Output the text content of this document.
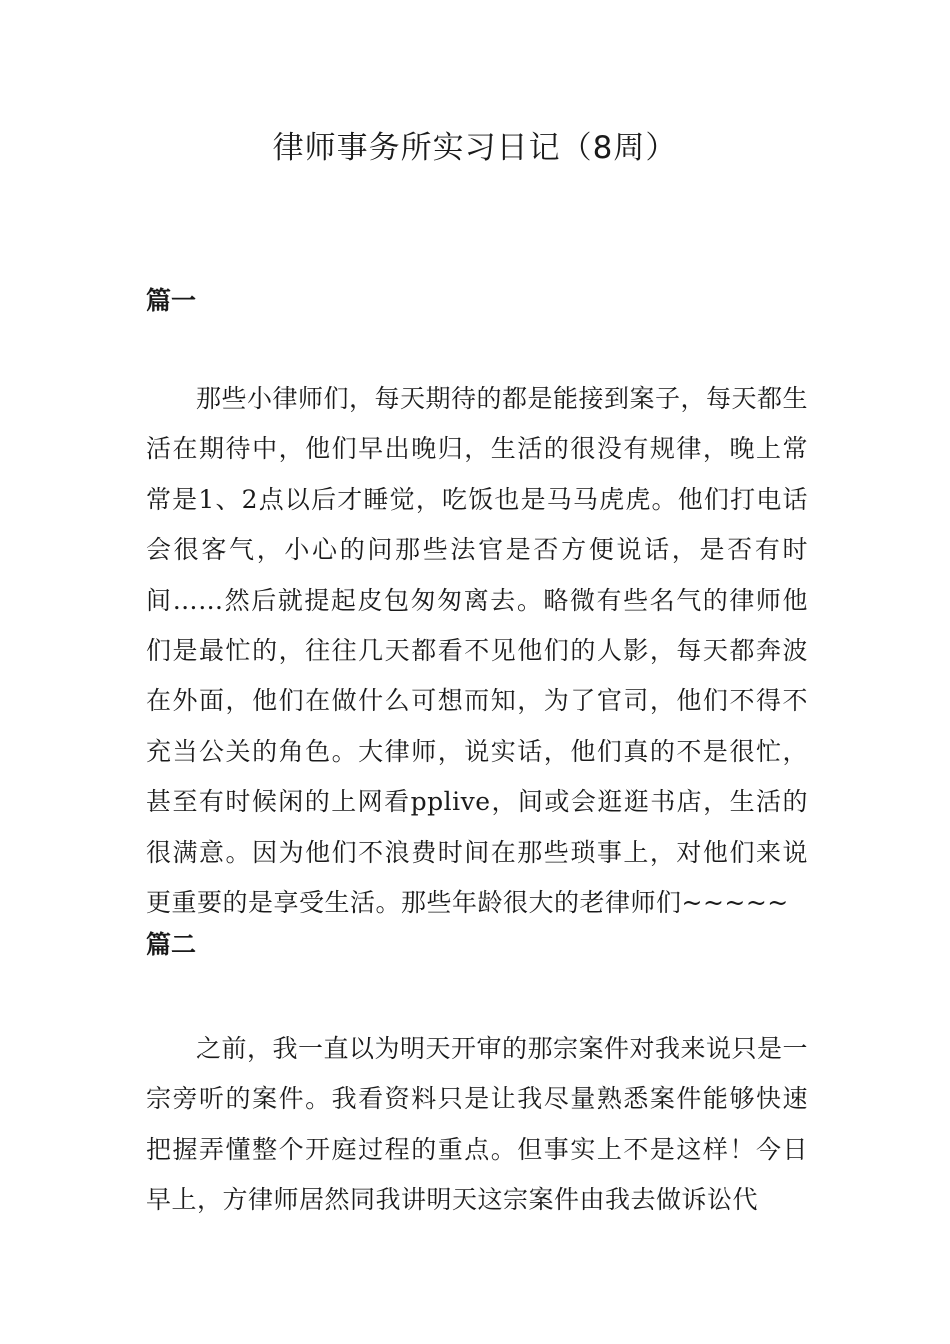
律师事务所实习日记（8周）
篇一

那些小律师们，每天期待的都是能接到案子，每天都生活在期待中，他们早出晚归，生活的很没有规律，晚上常常是1、2点以后才睡觉，吃饭也是马马虎虎。他们打电话会很客气，小心的问那些法官是否方便说话，是否有时间……然后就提起皮包匆匆离去。略微有些名气的律师他们是最忙的，往往几天都看不见他们的人影，每天都奔波在外面，他们在做什么可想而知，为了官司，他们不得不充当公关的角色。大律师，说实话，他们真的不是很忙，甚至有时候闲的上网看pplive，间或会逛逛书店，生活的很满意。因为他们不浪费时间在那些琐事上，对他们来说更重要的是享受生活。那些年龄很大的老律师们~~~~~

篇二

之前，我一直以为明天开审的那宗案件对我来说只是一宗旁听的案件。我看资料只是让我尽量熟悉案件能够快速把握弄懂整个开庭过程的重点。但事实上不是这样！今日早上，方律师居然同我讲明天这宗案件由我去做诉讼代
